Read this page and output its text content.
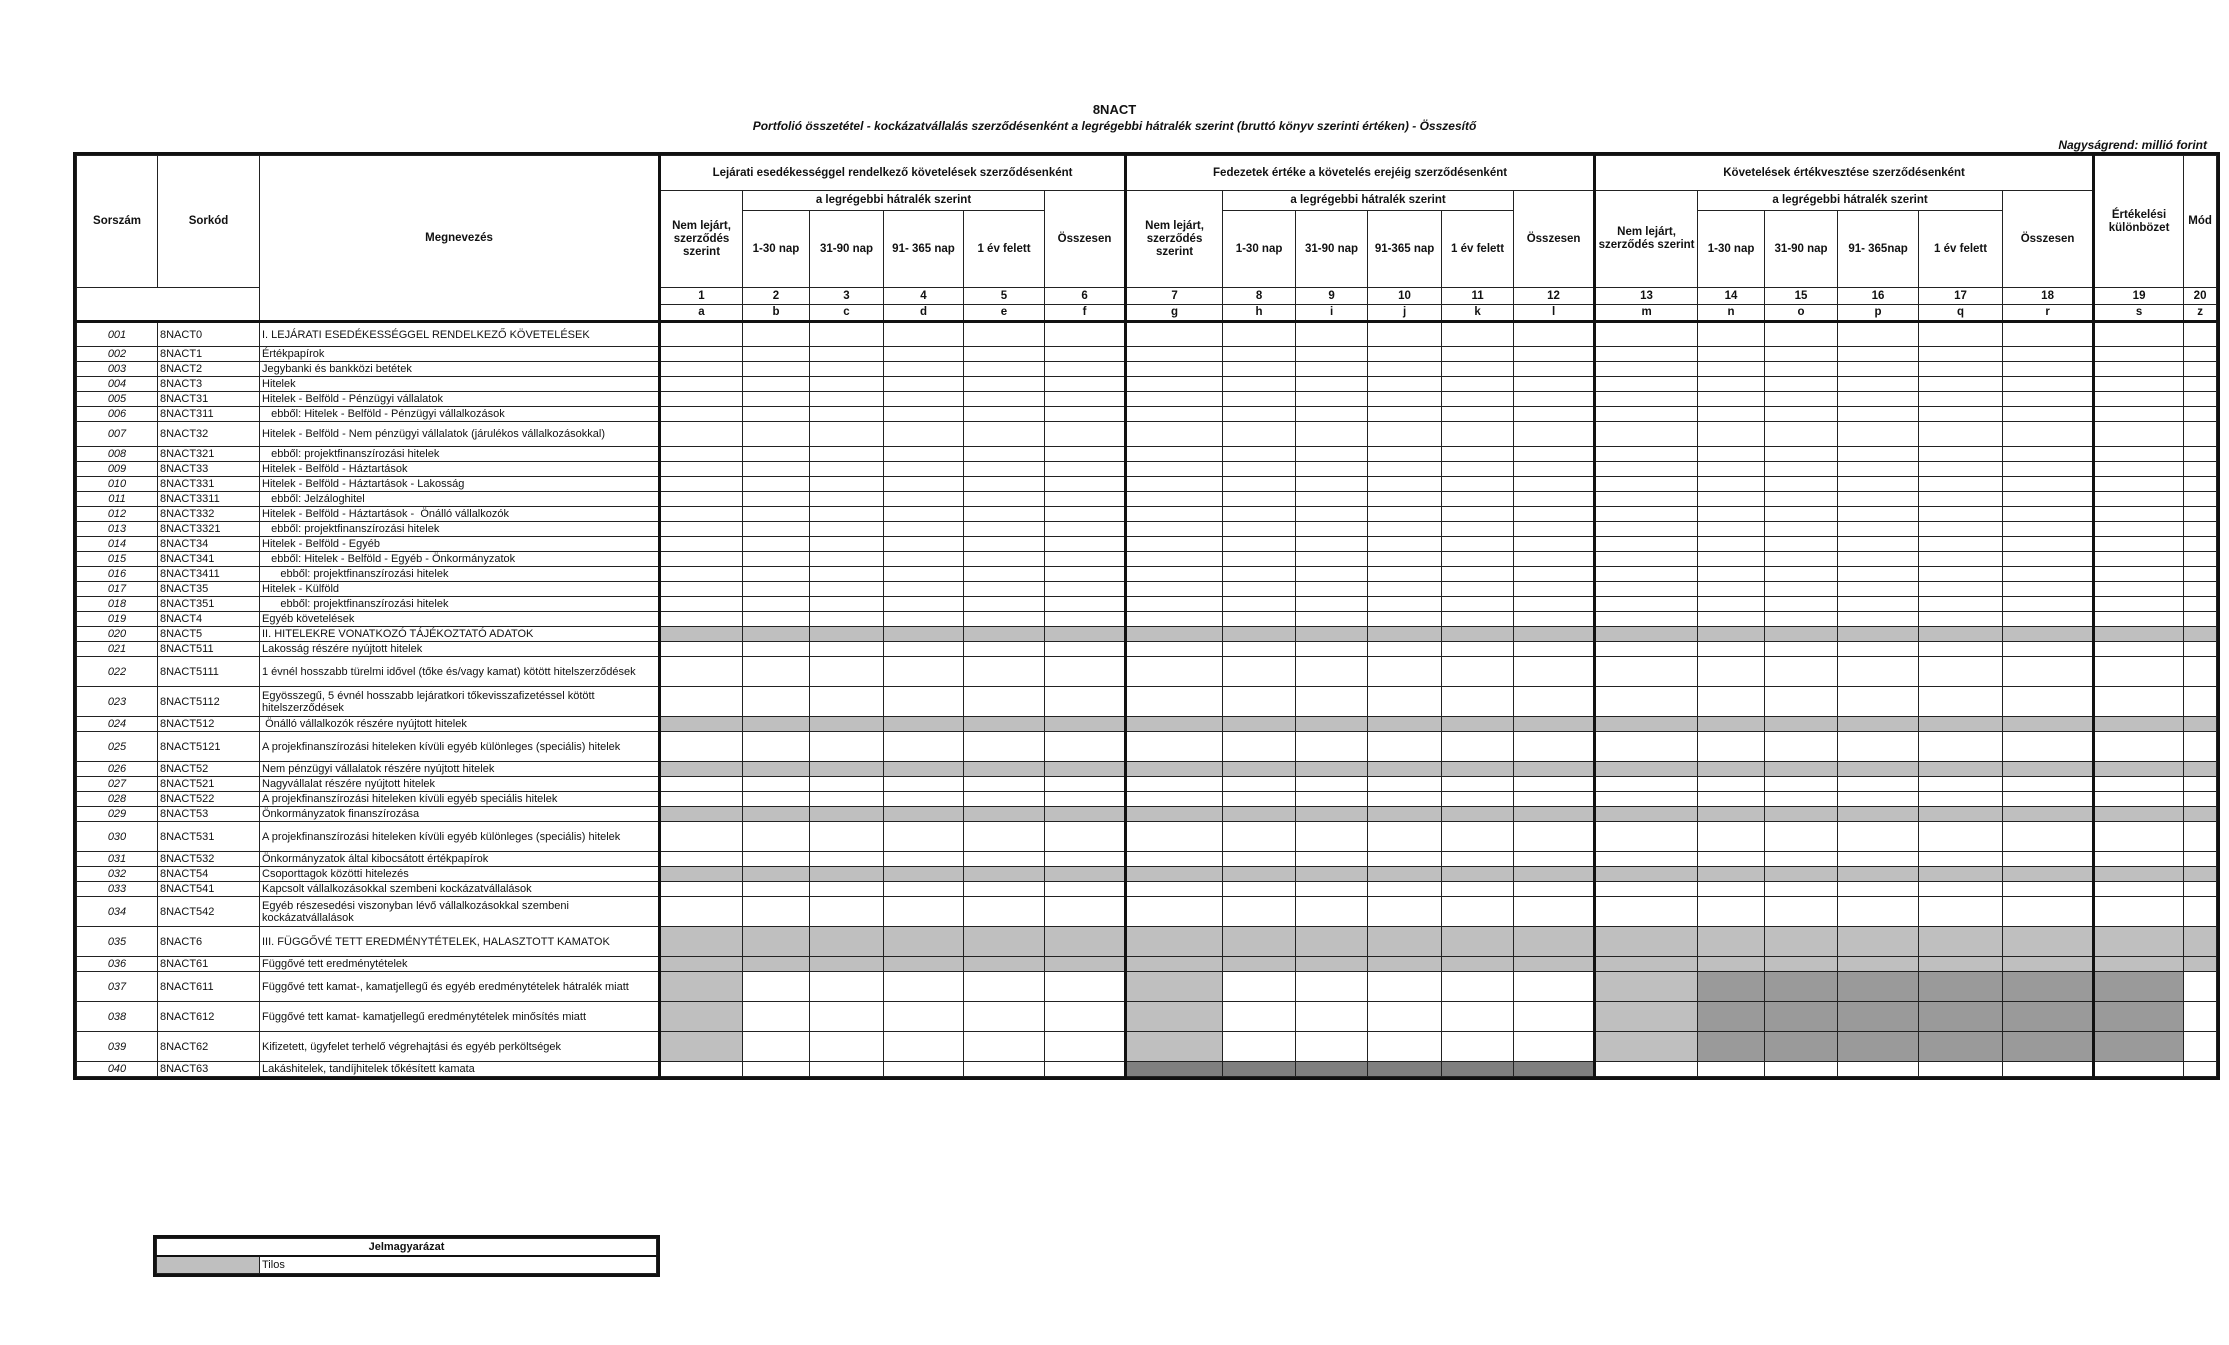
8NACT
Portfolió összetétel - kockázatvállalás szerződésenként a legrégebbi hátralék szerint (bruttó könyv szerinti értéken) - Összesítő
Nagyságrend: millió forint
Sorszám	Sorkód	Megnevezés	Lejárati esedékességgel rendelkező követelések szerződésenként						Fedezetek értéke a követelés erejéig szerződésenként						Követelések értékvesztése szerződésenként						Értékelési különbözet	Mód
			Nem lejárt, szerződés szerint	a legrégebbi hátralék szerint				Összesen	Nem lejárt, szerződés szerint	a legrégebbi hátralék szerint				Összesen	Nem lejárt, szerződés szerint	a legrégebbi hátralék szerint				Összesen		
				1-30 nap	31-90 nap	91- 365 nap	1 év felett			1-30 nap	31-90 nap	91-365 nap	1 év felett			1-30 nap	31-90 nap	91- 365nap	1 év felett			
			1	2	3	4	5	6	7	8	9	10	11	12	13	14	15	16	17	18	19	20
			a	b	c	d	e	f	g	h	i	j	k	l	m	n	o	p	q	r	s	z
001	8NACT0	I. LEJÁRATI ESEDÉKESSÉGGEL RENDELKEZŐ KÖVETELÉSEK																				
002	8NACT1	Értékpapírok																				
003	8NACT2	Jegybanki és bankközi betétek																				
004	8NACT3	Hitelek																				
005	8NACT31	Hitelek - Belföld - Pénzügyi vállalatok																				
006	8NACT311	ebből: Hitelek - Belföld - Pénzügyi vállalkozások																				
007	8NACT32	Hitelek - Belföld - Nem pénzügyi vállalatok (járulékos vállalkozásokkal)																				
008	8NACT321	ebből: projektfinanszírozási hitelek																				
009	8NACT33	Hitelek - Belföld - Háztartások																				
010	8NACT331	Hitelek - Belföld - Háztartások - Lakosság																				
011	8NACT3311	ebből: Jelzáloghitel																				
012	8NACT332	Hitelek - Belföld - Háztartások -  Önálló vállalkozók																				
013	8NACT3321	ebből: projektfinanszírozási hitelek																				
014	8NACT34	Hitelek - Belföld - Egyéb																				
015	8NACT341	ebből: Hitelek - Belföld - Egyéb - Önkormányzatok																				
016	8NACT3411	ebből: projektfinanszírozási hitelek																				
017	8NACT35	Hitelek - Külföld																				
018	8NACT351	ebből: projektfinanszírozási hitelek																				
019	8NACT4	Egyéb követelések																				
020	8NACT5	II. HITELEKRE VONATKOZÓ TÁJÉKOZTATÓ ADATOK																				
021	8NACT511	Lakosság részére nyújtott hitelek																				
022	8NACT5111	1 évnél hosszabb türelmi idővel (tőke és/vagy kamat) kötött hitelszerződések																				
023	8NACT5112	Egyösszegű, 5 évnél hosszabb lejáratkori tőkevisszafizetéssel kötött hitelszerződések																				
024	8NACT512	Önálló vállalkozók részére nyújtott hitelek																				
025	8NACT5121	A projekfinanszírozási hiteleken kívüli egyéb különleges (speciális) hitelek																				
026	8NACT52	Nem pénzügyi vállalatok részére nyújtott hitelek																				
027	8NACT521	Nagyvállalat részére nyújtott hitelek																				
028	8NACT522	A projekfinanszírozási hiteleken kívüli egyéb speciális hitelek																				
029	8NACT53	Önkormányzatok finanszírozása																				
030	8NACT531	A projekfinanszírozási hiteleken kívüli egyéb különleges (speciális) hitelek																				
031	8NACT532	Önkormányzatok által kibocsátott értékpapírok																				
032	8NACT54	Csoporttagok közötti hitelezés																				
033	8NACT541	Kapcsolt vállalkozásokkal szembeni kockázatvállalások																				
034	8NACT542	Egyéb részesedési viszonyban lévő vállalkozásokkal szembeni kockázatvállalások																				
035	8NACT6	III. FÜGGŐVÉ TETT EREDMÉNYTÉTELEK, HALASZTOTT KAMATOK																				
036	8NACT61	Függővé tett eredménytételek																				
037	8NACT611	Függővé tett kamat-, kamatjellegű és egyéb eredménytételek hátralék miatt																				
038	8NACT612	Függővé tett kamat- kamatjellegű eredménytételek minősítés miatt																				
039	8NACT62	Kifizetett, ügyfelet terhelő végrehajtási és egyéb perköltségek																				
040	8NACT63	Lakáshitelek, tandíjhitelek tőkésített kamata																				
Jelmagyarázat
	Tilos
